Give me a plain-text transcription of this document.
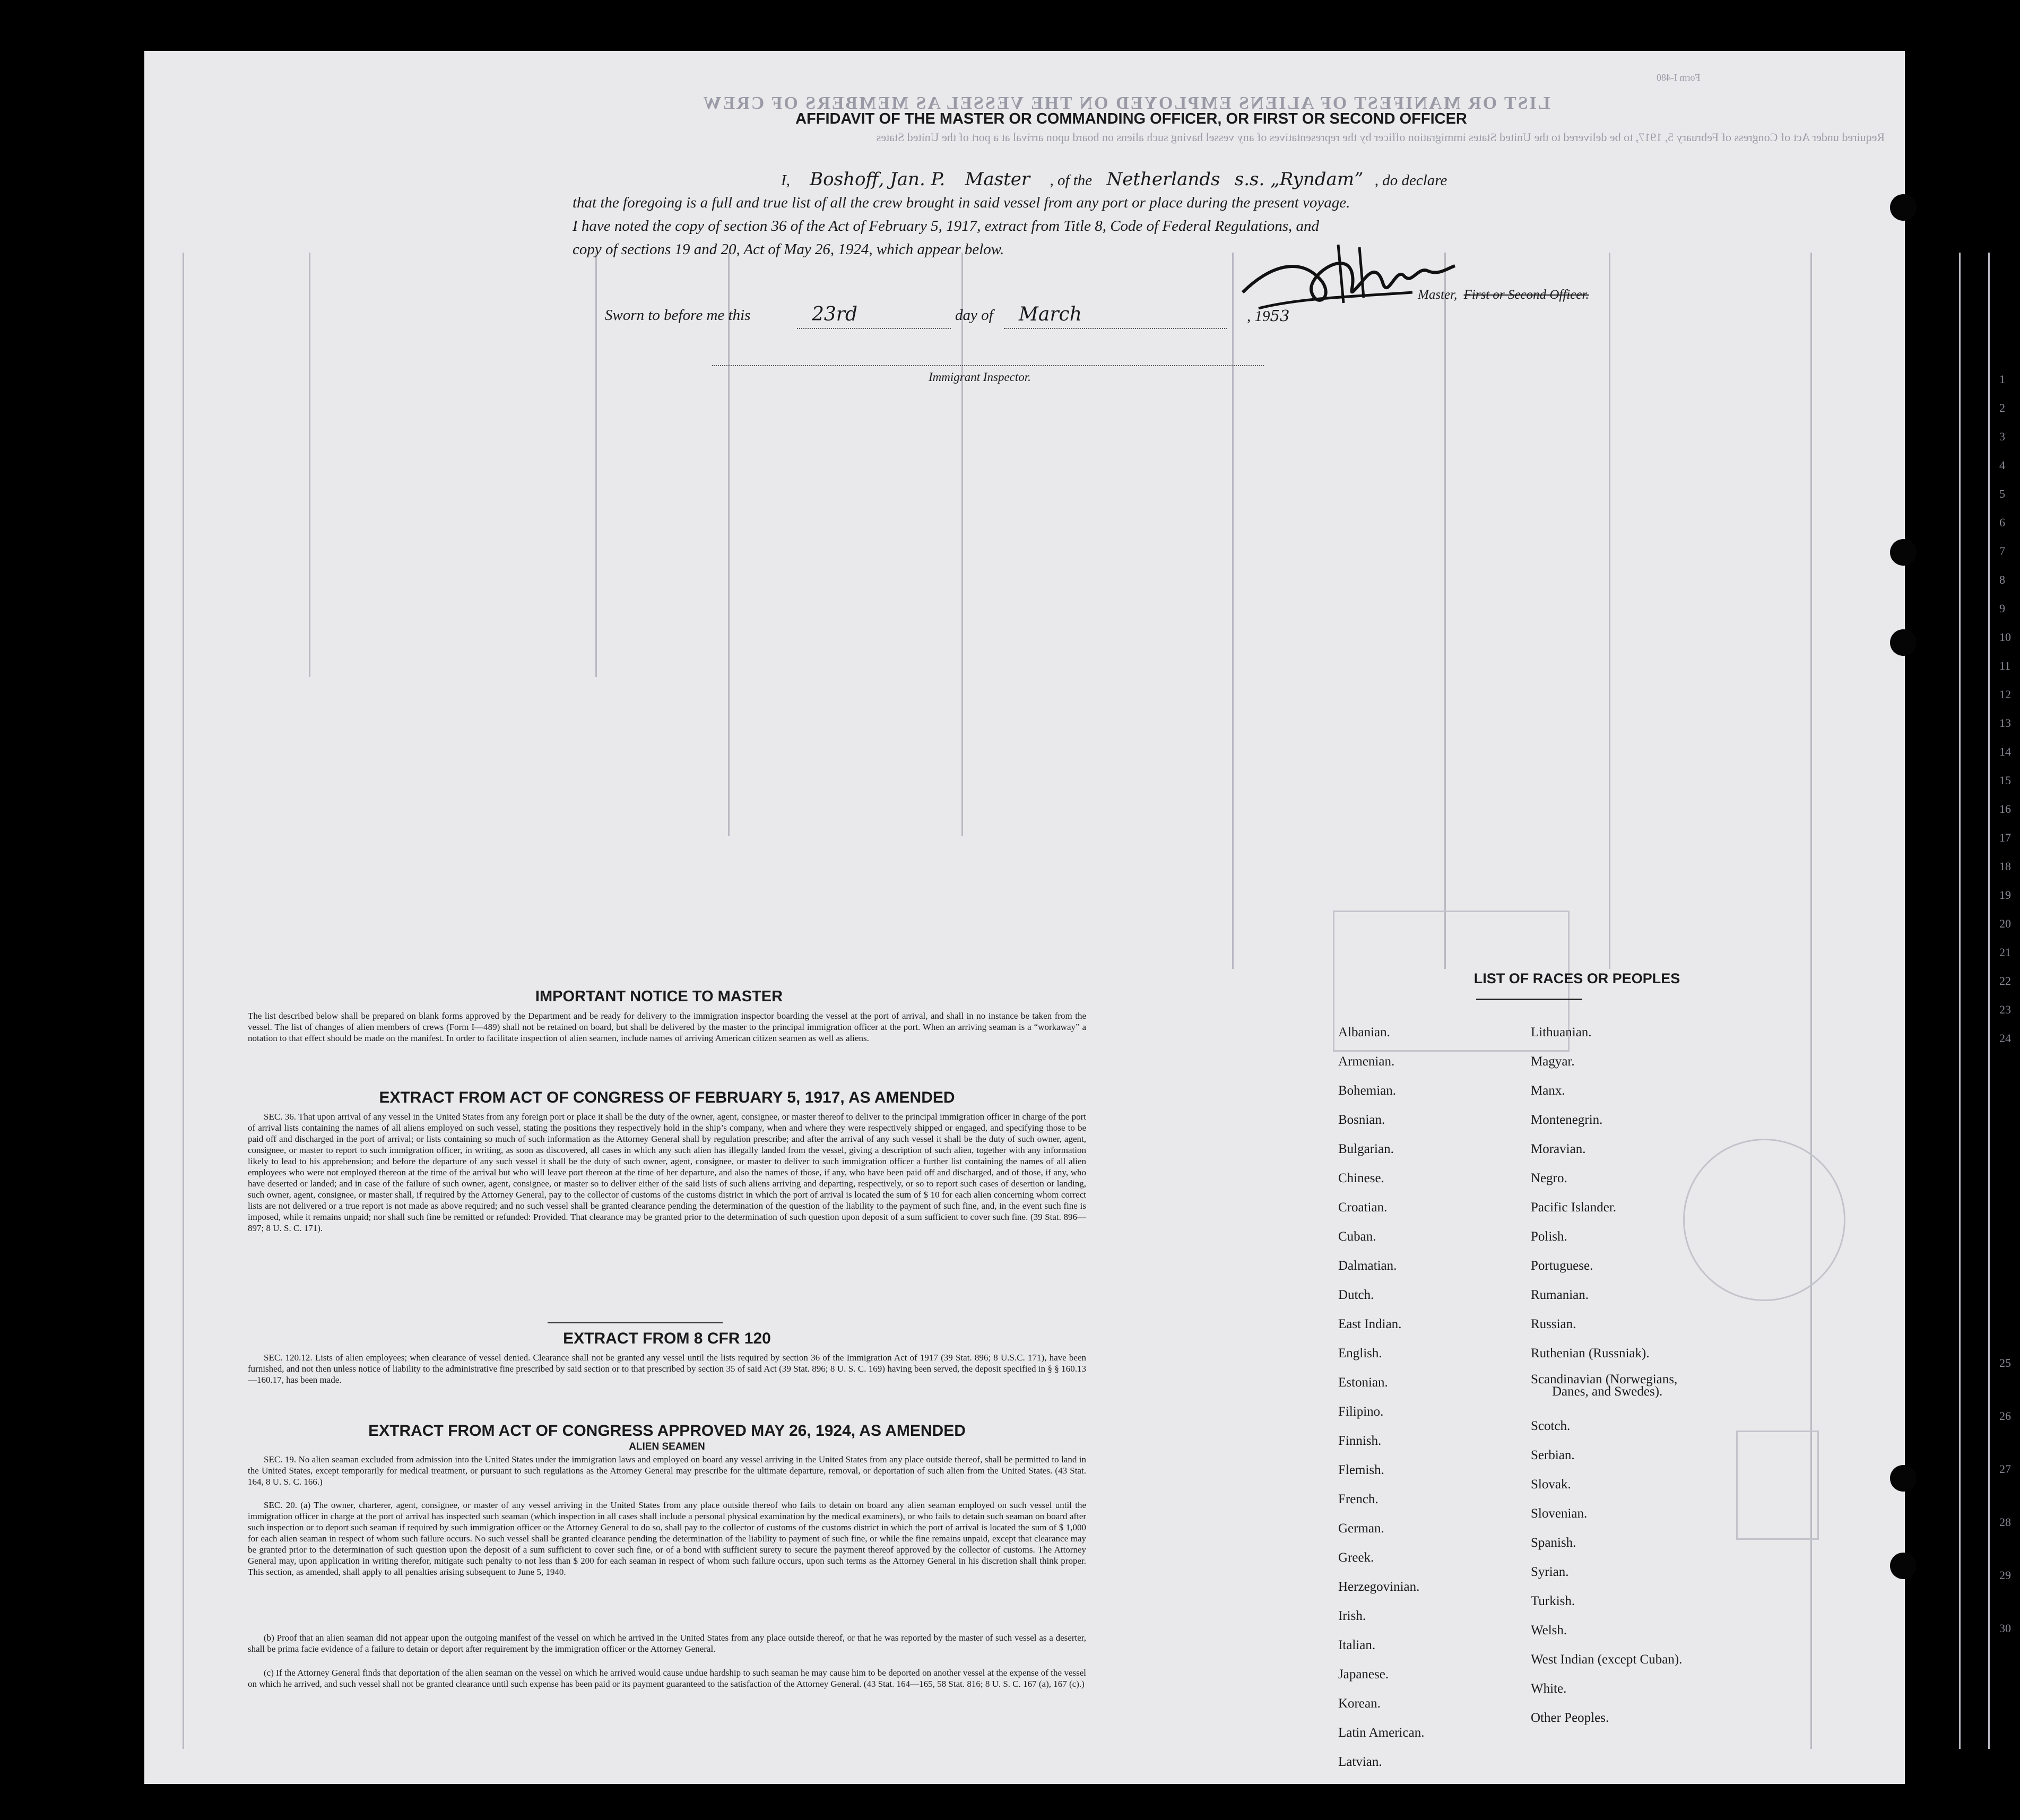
LIST OR MANIFEST OF ALIENS EMPLOYED ON THE VESSEL AS MEMBERS OF CREW
Required under Act of Congress of February 5, 1917, to be delivered to the United States immigration officer by the representatives of any vessel having such aliens on board upon arrival at a port of the United States
Form I-480
1
2
3
4
5
6
7
8
9
10
11
12
13
14
15
16
17
18
19
20
21
22
23
24
25
26
27
28
29
30
AFFIDAVIT OF THE MASTER OR COMMANDING OFFICER, OR FIRST OR SECOND OFFICER
I, Boshoff, Jan. P. Master , of the Netherlands s.s. „Ryndam” , do declare
that the foregoing is a full and true list of all the crew brought in said vessel from any port or place during the present voyage.
I have noted the copy of section 36 of the Act of February 5, 1917, extract from Title 8, Code of Federal Regulations, and
copy of sections 19 and 20, Act of May 26, 1924, which appear below.
Master, First or Second Officer.
Sworn to before me this	23rd	day of March	, 1953
Immigrant Inspector.
IMPORTANT NOTICE TO MASTER
The list described below shall be prepared on blank forms approved by the Department and be ready for delivery to the immigration inspector boarding the vessel at the port of arrival, and shall in no instance be taken from the vessel. The list of changes of alien members of crews (Form I—489) shall not be retained on board, but shall be delivered by the master to the principal immigration officer at the port. When an arriving seaman is a “workaway” a notation to that effect should be made on the manifest. In order to facilitate inspection of alien seamen, include names of arriving American citizen seamen as well as aliens.
EXTRACT FROM ACT OF CONGRESS OF FEBRUARY 5, 1917, AS AMENDED
SEC. 36. That upon arrival of any vessel in the United States from any foreign port or place it shall be the duty of the owner, agent, consignee, or master thereof to deliver to the principal immigration officer in charge of the port of arrival lists containing the names of all aliens employed on such vessel, stating the positions they respectively hold in the ship’s company, when and where they were respectively shipped or engaged, and specifying those to be paid off and discharged in the port of arrival; or lists containing so much of such information as the Attorney General shall by regulation prescribe; and after the arrival of any such vessel it shall be the duty of such owner, agent, consignee, or master to report to such immigration officer, in writing, as soon as discovered, all cases in which any such alien has illegally landed from the vessel, giving a description of such alien, together with any information likely to lead to his apprehension; and before the departure of any such vessel it shall be the duty of such owner, agent, consignee, or master to deliver to such immigration officer a further list containing the names of all alien employees who were not employed thereon at the time of the arrival but who will leave port thereon at the time of her departure, and also the names of those, if any, who have been paid off and discharged, and of those, if any, who have deserted or landed; and in case of the failure of such owner, agent, consignee, or master so to deliver either of the said lists of such aliens arriving and departing, respectively, or so to report such cases of desertion or landing, such owner, agent, consignee, or master shall, if required by the Attorney General, pay to the collector of customs of the customs district in which the port of arrival is located the sum of $ 10 for each alien concerning whom correct lists are not delivered or a true report is not made as above required; and no such vessel shall be granted clearance pending the determination of the question of the liability to the payment of such fine, and, in the event such fine is imposed, while it remains unpaid; nor shall such fine be remitted or refunded: Provided. That clearance may be granted prior to the determination of such question upon deposit of a sum sufficient to cover such fine. (39 Stat. 896—897; 8 U. S. C. 171).
EXTRACT FROM 8 CFR 120
SEC. 120.12. Lists of alien employees; when clearance of vessel denied. Clearance shall not be granted any vessel until the lists required by section 36 of the Immigration Act of 1917 (39 Stat. 896; 8 U.S.C. 171), have been furnished, and not then unless notice of liability to the administrative fine prescribed by said section or to that prescribed by section 35 of said Act (39 Stat. 896; 8 U. S. C. 169) having been served, the deposit specified in § § 160.13—160.17, has been made.
EXTRACT FROM ACT OF CONGRESS APPROVED MAY 26, 1924, AS AMENDED
ALIEN SEAMEN
SEC. 19. No alien seaman excluded from admission into the United States under the immigration laws and employed on board any vessel arriving in the United States from any place outside thereof, shall be permitted to land in the United States, except temporarily for medical treatment, or pursuant to such regulations as the Attorney General may prescribe for the ultimate departure, removal, or deportation of such alien from the United States. (43 Stat. 164, 8 U. S. C. 166.)
SEC. 20. (a) The owner, charterer, agent, consignee, or master of any vessel arriving in the United States from any place outside thereof who fails to detain on board any alien seaman employed on such vessel until the immigration officer in charge at the port of arrival has inspected such seaman (which inspection in all cases shall include a personal physical examination by the medical examiners), or who fails to detain such seaman on board after such inspection or to deport such seaman if required by such immigration officer or the Attorney General to do so, shall pay to the collector of customs of the customs district in which the port of arrival is located the sum of $ 1,000 for each alien seaman in respect of whom such failure occurs. No such vessel shall be granted clearance pending the determination of the liability to payment of such fine, or while the fine remains unpaid, except that clearance may be granted prior to the determination of such question upon the deposit of a sum sufficient to cover such fine, or of a bond with sufficient surety to secure the payment thereof approved by the collector of customs. The Attorney General may, upon application in writing therefor, mitigate such penalty to not less than $ 200 for each seaman in respect of whom such failure occurs, upon such terms as the Attorney General in his discretion shall think proper. This section, as amended, shall apply to all penalties arising subsequent to June 5, 1940.
(b) Proof that an alien seaman did not appear upon the outgoing manifest of the vessel on which he arrived in the United States from any place outside thereof, or that he was reported by the master of such vessel as a deserter, shall be prima facie evidence of a failure to detain or deport after requirement by the immigration officer or the Attorney General.
(c) If the Attorney General finds that deportation of the alien seaman on the vessel on which he arrived would cause undue hardship to such seaman he may cause him to be deported on another vessel at the expense of the vessel on which he arrived, and such vessel shall not be granted clearance until such expense has been paid or its payment guaranteed to the satisfaction of the Attorney General. (43 Stat. 164—165, 58 Stat. 816; 8 U. S. C. 167 (a), 167 (c).)
LIST OF RACES OR PEOPLES
Albanian.
Armenian.
Bohemian.
Bosnian.
Bulgarian.
Chinese.
Croatian.
Cuban.
Dalmatian.
Dutch.
East Indian.
English.
Estonian.
Filipino.
Finnish.
Flemish.
French.
German.
Greek.
Herzegovinian.
Irish.
Italian.
Japanese.
Korean.
Latin American.
Latvian.
Lithuanian.
Magyar.
Manx.
Montenegrin.
Moravian.
Negro.
Pacific Islander.
Polish.
Portuguese.
Rumanian.
Russian.
Ruthenian (Russniak).
Scandinavian (Norwegians,
Danes, and Swedes).
Scotch.
Serbian.
Slovak.
Slovenian.
Spanish.
Syrian.
Turkish.
Welsh.
West Indian (except Cuban).
White.
Other Peoples.
